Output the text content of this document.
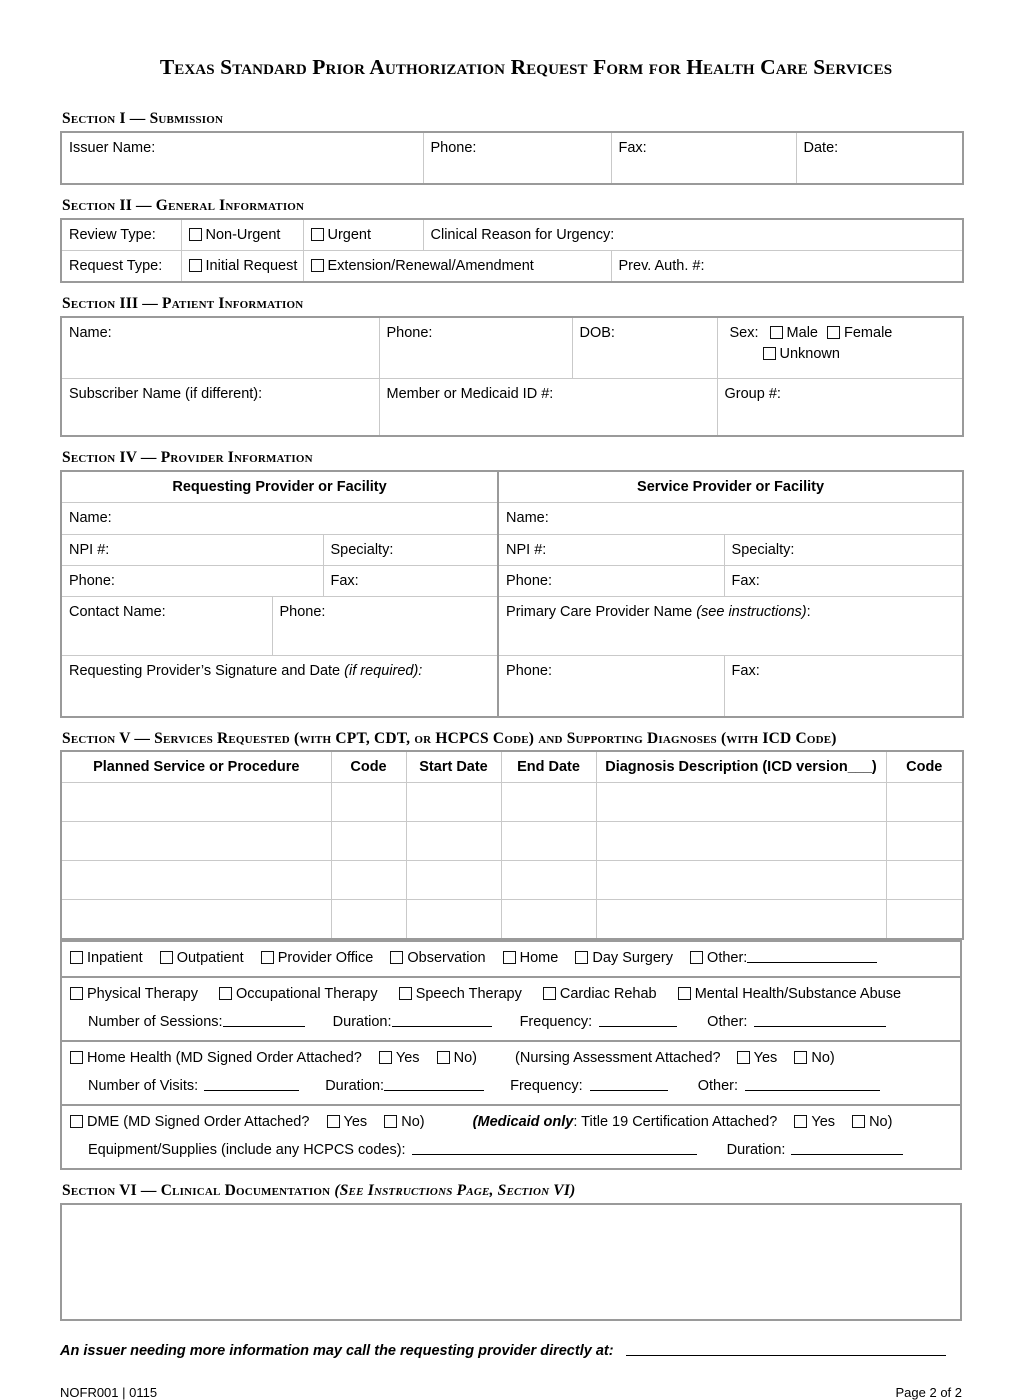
Texas Standard Prior Authorization Request Form for Health Care Services
Section I — Submission
Issuer Name:	Phone:	Fax:	Date:
Section II — General Information
Review Type:	Non-Urgent	Urgent	Clinical Reason for Urgency:	
Request Type:	Initial Request	Extension/Renewal/Amendment		Prev. Auth. #:
Section III — Patient Information
Name:	Phone:	DOB:	Sex: Male Female
Unknown

Subscriber Name (if different):	Member or Medicaid ID #:		Group #:
Section IV — Provider Information
Requesting Provider or Facility			Service Provider or Facility	
Name:			Name:	
NPI #:		Specialty:	NPI #:	Specialty:
Phone:		Fax:	Phone:	Fax:
Contact Name:	Phone:		Primary Care Provider Name (see instructions):	
Requesting Provider’s Signature and Date (if required):			Phone:	Fax:
Section V — Services Requested (with CPT, CDT, or HCPCS Code) and Supporting Diagnoses (with ICD Code)
Planned Service or Procedure	Code	Start Date	End Date	Diagnosis Description (ICD version___)	Code

Inpatient Outpatient Provider Office Observation Home Day Surgery Other:
Physical Therapy	Occupational Therapy	Speech Therapy	Cardiac Rehab	Mental Health/Substance Abuse
Number of Sessions:	Duration:	Frequency:	Other:
Home Health (MD Signed Order Attached? Yes No)	(Nursing Assessment Attached? Yes No)
Number of Visits:	Duration:	Frequency:	Other:
DME (MD Signed Order Attached? Yes No)	(Medicaid only: Title 19 Certification Attached? Yes No)
Equipment/Supplies (include any HCPCS codes):	Duration:
Section VI — Clinical Documentation (See Instructions Page, Section VI)
An issuer needing more information may call the requesting provider directly at:
NOFR001 | 0115	Page 2 of 2
